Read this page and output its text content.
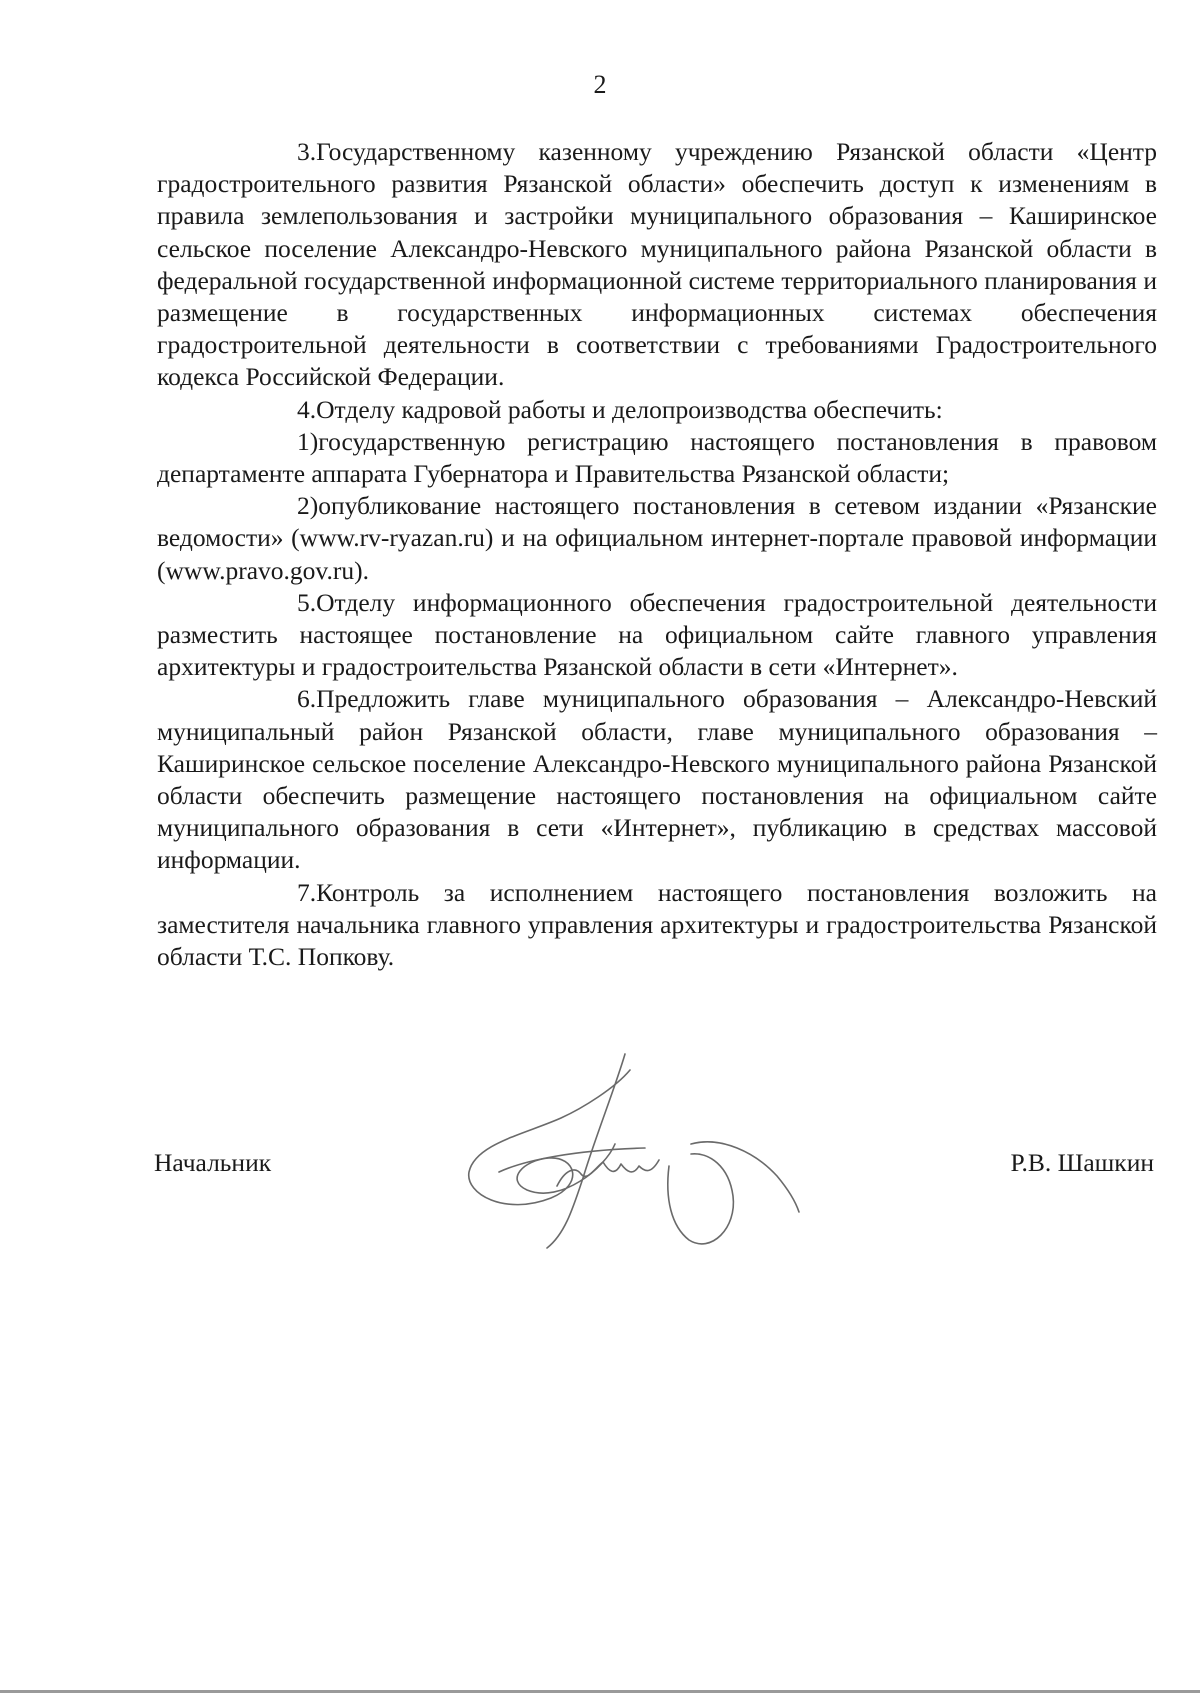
2

3.Государственному казенному учреждению Рязанской области «Центр градостроительного развития Рязанской области» обеспечить доступ к изменениям в правила землепользования и застройки муниципального образования – Каширинское сельское поселение Александро-Невского муниципального района Рязанской области в федеральной государственной информационной системе территориального планирования и размещение в государственных информационных системах обеспечения градостроительной деятельности в соответствии с требованиями Градостроительного кодекса Российской Федерации.

4.Отделу кадровой работы и делопроизводства обеспечить:

1)государственную регистрацию настоящего постановления в правовом департаменте аппарата Губернатора и Правительства Рязанской области;

2)опубликование настоящего постановления в сетевом издании «Рязанские ведомости» (www.rv-ryazan.ru) и на официальном интернет-портале правовой информации (www.pravo.gov.ru).

5.Отделу информационного обеспечения градостроительной деятельности разместить настоящее постановление на официальном сайте главного управления архитектуры и градостроительства Рязанской области в сети «Интернет».

6.Предложить главе муниципального образования – Александро-Невский муниципальный район Рязанской области, главе муниципального образования – Каширинское сельское поселение Александро-Невского муниципального района Рязанской области обеспечить размещение настоящего постановления на официальном сайте муниципального образования в сети «Интернет», публикацию в средствах массовой информации.

7.Контроль за исполнением настоящего постановления возложить на заместителя начальника главного управления архитектуры и градостроительства Рязанской области Т.С. Попкову.

Начальник	Р.В. Шашкин
